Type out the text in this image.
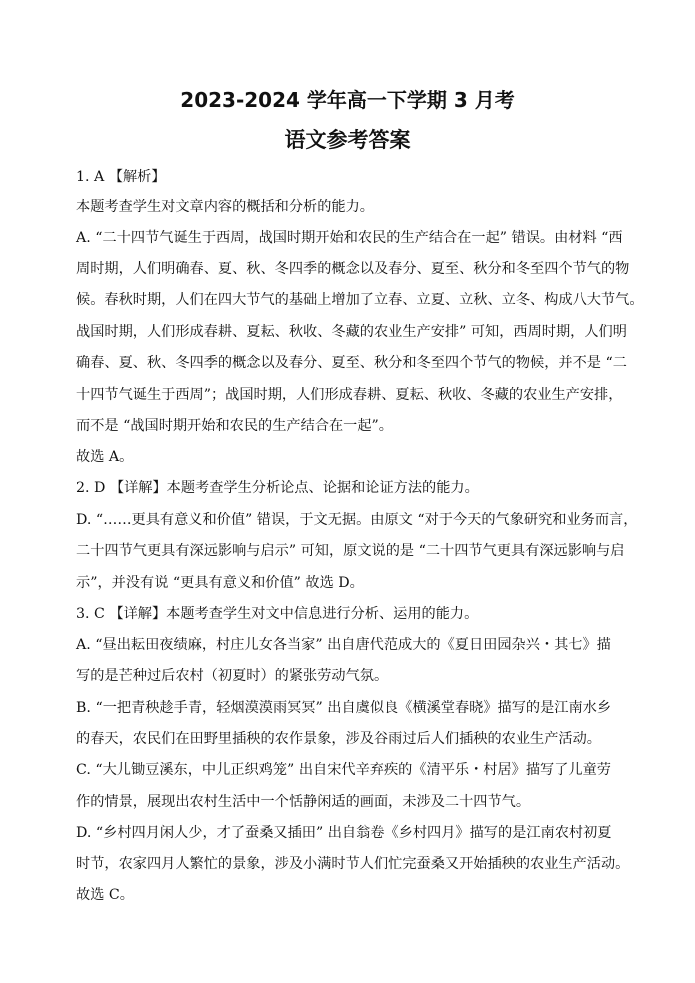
2023-2024 学年高一下学期 3 月考
语文参考答案
1. A 【解析】
本题考查学生对文章内容的概括和分析的能力。
A. “二十四节气诞生于西周，战国时期开始和农民的生产结合在一起” 错误。由材料 “西
周时期，人们明确春、夏、秋、冬四季的概念以及春分、夏至、秋分和冬至四个节气的物
候。春秋时期，人们在四大节气的基础上增加了立春、立夏、立秋、立冬、构成八大节气。
战国时期，人们形成春耕、夏耘、秋收、冬藏的农业生产安排” 可知，西周时期，人们明
确春、夏、秋、冬四季的概念以及春分、夏至、秋分和冬至四个节气的物候，并不是 “二
十四节气诞生于西周”；战国时期，人们形成春耕、夏耘、秋收、冬藏的农业生产安排，
而不是 “战国时期开始和农民的生产结合在一起”。
故选 A。
2. D 【详解】本题考查学生分析论点、论据和论证方法的能力。
D. “……更具有意义和价值” 错误，于文无据。由原文 “对于今天的气象研究和业务而言，
二十四节气更具有深远影响与启示” 可知，原文说的是 “二十四节气更具有深远影响与启
示”，并没有说 “更具有意义和价值” 故选 D。
3. C 【详解】本题考查学生对文中信息进行分析、运用的能力。
A. “昼出耘田夜绩麻，村庄儿女各当家” 出自唐代范成大的《夏日田园杂兴・其七》描
写的是芒种过后农村（初夏时）的紧张劳动气氛。
B. “一把青秧趁手青，轻烟漠漠雨冥冥” 出自虞似良《横溪堂春晓》描写的是江南水乡
的春天，农民们在田野里插秧的农作景象，涉及谷雨过后人们插秧的农业生产活动。
C. “大儿锄豆溪东，中儿正织鸡笼” 出自宋代辛弃疾的《清平乐・村居》描写了儿童劳
作的情景，展现出农村生活中一个恬静闲适的画面，未涉及二十四节气。
D. “乡村四月闲人少，才了蚕桑又插田” 出自翁卷《乡村四月》描写的是江南农村初夏
时节，农家四月人繁忙的景象，涉及小满时节人们忙完蚕桑又开始插秧的农业生产活动。
故选 C。
